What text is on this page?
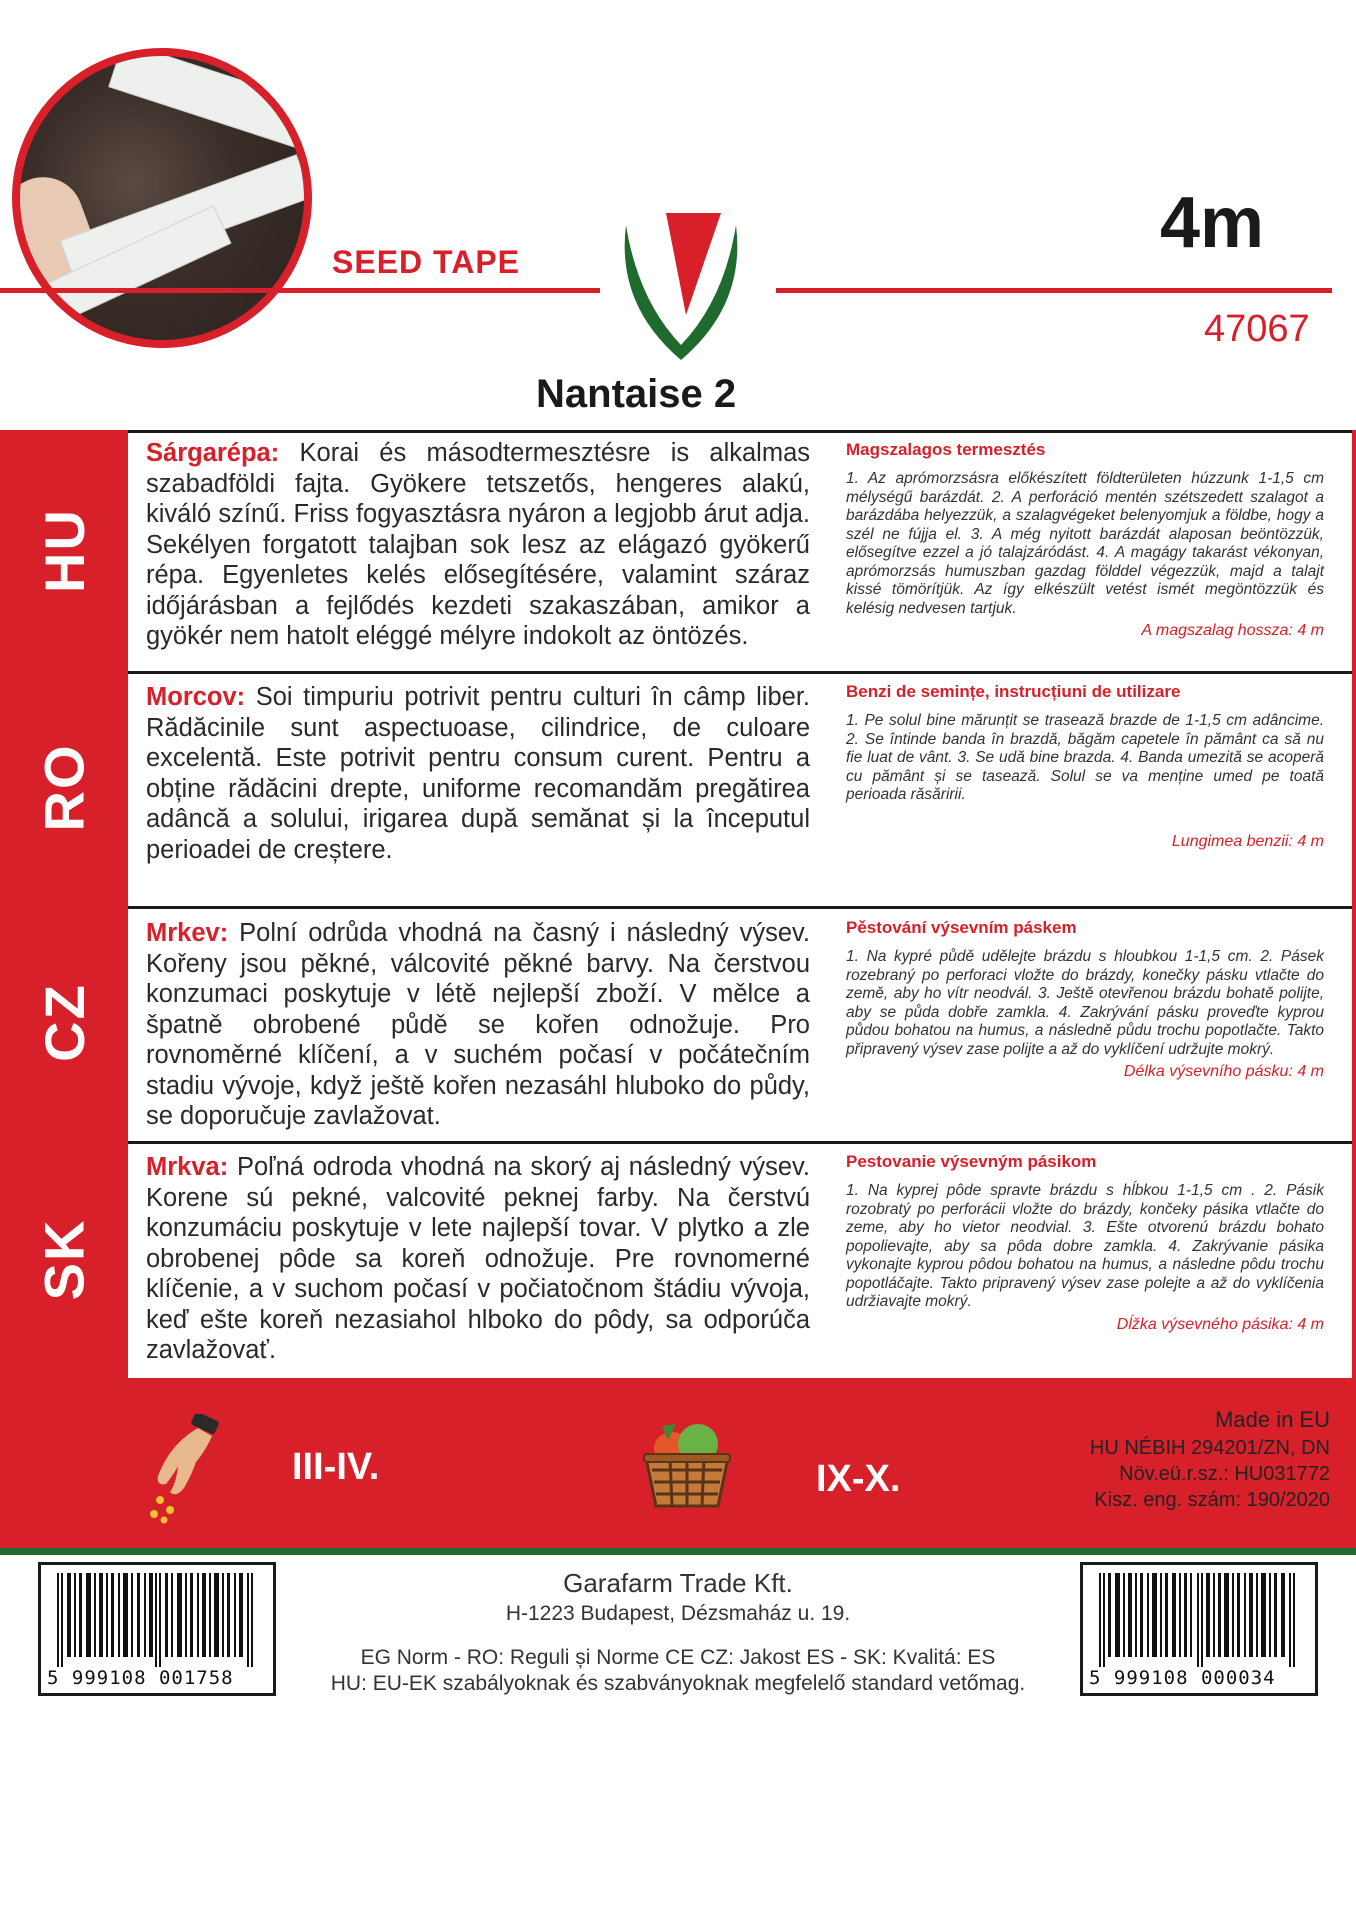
SEED TAPE	4m
47067
Nantaise 2
HU
RO
CZ
SK
Sárgarépa: Korai és másodtermesztésre is alkalmas szabadföldi fajta. Gyökere tetszetős, hengeres alakú, kiváló színű. Friss fogyasztásra nyáron a legjobb árut adja. Sekélyen forgatott talajban sok lesz az elágazó gyökerű répa. Egyenletes kelés elősegítésére, valamint száraz időjárásban a fejlődés kezdeti szakaszában, amikor a gyökér nem hatolt eléggé mélyre indokolt az öntözés.
Magszalagos termesztés
1. Az aprómorzsásra előkészített földterületen húzzunk 1-1,5 cm mélységű barázdát. 2. A perforáció mentén szétszedett szalagot a barázdába helyezzük, a szalagvégeket belenyomjuk a földbe, hogy a szél ne fújja el. 3. A még nyitott barázdát alaposan beöntözzük, elősegítve ezzel a jó talajzáródást. 4. A magágy takarást vékonyan, aprómorzsás humuszban gazdag földdel végezzük, majd a talajt kissé tömörítjük. Az így elkészült vetést ismét megöntözzük és kelésig nedvesen tartjuk.
A magszalag hossza: 4 m
Morcov: Soi timpuriu potrivit pentru culturi în câmp liber. Rădăcinile sunt aspectuoase, cilindrice, de culoare excelentă. Este potrivit pentru consum curent. Pentru a obține rădăcini drepte, uniforme recomandăm pregătirea adâncă a solului, irigarea după semănat și la începutul perioadei de creștere.
Benzi de semințe, instrucțiuni de utilizare
1. Pe solul bine mărunțit se trasează brazde de 1-1,5 cm adâncime. 2. Se întinde banda în brazdă, băgăm capetele în pământ ca să nu fie luat de vânt. 3. Se udă bine brazda. 4. Banda umezită se acoperă cu pământ și se tasează. Solul se va menține umed pe toată perioada răsăririi.
Lungimea benzii: 4 m
Mrkev: Polní odrůda vhodná na časný i následný výsev. Kořeny jsou pěkné, válcovité pěkné barvy. Na čerstvou konzumaci poskytuje v létě nejlepší zboží. V mělce a špatně obrobené půdě se kořen odnožuje. Pro rovnoměrné klíčení, a v suchém počasí v počátečním stadiu vývoje, když ještě kořen nezasáhl hluboko do půdy, se doporučuje zavlažovat.
Pěstování výsevním páskem
1. Na kypré půdě udělejte brázdu s hloubkou 1-1,5 cm. 2. Pásek rozebraný po perforaci vložte do brázdy, konečky pásku vtlačte do země, aby ho vítr neodvál. 3. Ještě otevřenou brázdu bohatě polijte, aby se půda dobře zamkla. 4. Zakrývání pásku proveďte kyprou půdou bohatou na humus, a následně půdu trochu popotlačte. Takto připravený výsev zase polijte a až do vyklíčení udržujte mokrý.
Délka výsevního pásku: 4 m
Mrkva: Poľná odroda vhodná na skorý aj následný výsev. Korene sú pekné, valcovité peknej farby. Na čerstvú konzumáciu poskytuje v lete najlepší tovar. V plytko a zle obrobenej pôde sa koreň odnožuje. Pre rovnomerné klíčenie, a v suchom počasí v počiatočnom štádiu vývoja, keď ešte koreň nezasiahol hlboko do pôdy, sa odporúča zavlažovať.
Pestovanie výsevným pásikom
1. Na kyprej pôde spravte brázdu s hĺbkou 1-1,5 cm . 2. Pásik rozobratý po perforácii vložte do brázdy, končeky pásika vtlačte do zeme, aby ho vietor neodvial. 3. Ešte otvorenú brázdu bohato popolievajte, aby sa pôda dobre zamkla. 4. Zakrývanie pásika vykonajte kyprou pôdou bohatou na humus, a následne pôdu trochu popotláčajte. Takto pripravený výsev zase polejte a až do vyklíčenia udržiavajte mokrý.
Dĺžka výsevného pásika: 4 m
III-IV.	IX-X.
Made in EU
HU NÉBIH 294201/ZN, DN
Növ.eü.r.sz.: HU031772
Kisz. eng. szám: 190/2020
5 999108 001758	5 999108 000034
Garafarm Trade Kft.
H-1223 Budapest, Dézsmaház u. 19.
EG Norm - RO: Reguli și Norme CE CZ: Jakost ES - SK: Kvalitá: ES
HU: EU-EK szabályoknak és szabványoknak megfelelő standard vetőmag.
